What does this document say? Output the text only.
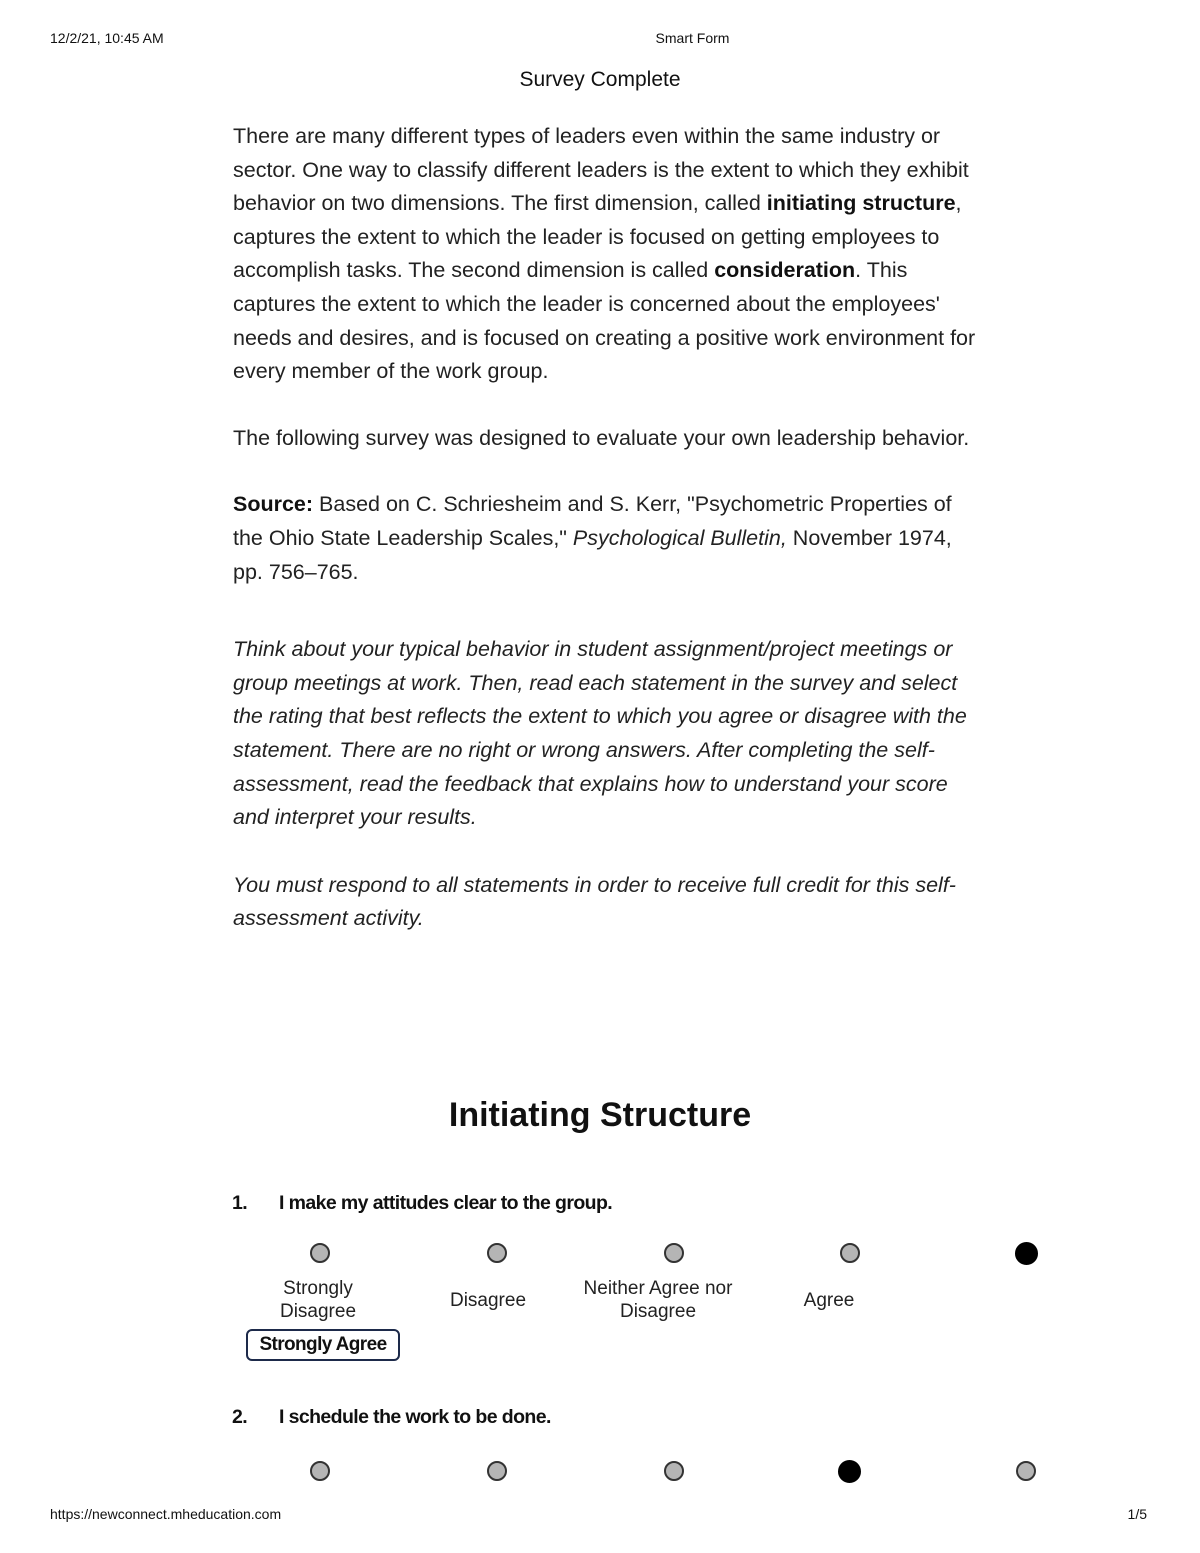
12/2/21, 10:45 AM	Smart Form
https://newconnect.mheducation.com	1/5
Survey Complete

There are many different types of leaders even within the same industry or sector. One way to classify different leaders is the extent to which they exhibit behavior on two dimensions. The first dimension, called initiating structure, captures the extent to which the leader is focused on getting employees to accomplish tasks. The second dimension is called consideration. This captures the extent to which the leader is concerned about the employees' needs and desires, and is focused on creating a positive work environment for every member of the work group.

The following survey was designed to evaluate your own leadership behavior.

Source: Based on C. Schriesheim and S. Kerr, "Psychometric Properties of the Ohio State Leadership Scales," Psychological Bulletin, November 1974, pp. 756–765.

Think about your typical behavior in student assignment/project meetings or group meetings at work. Then, read each statement in the survey and select the rating that best reflects the extent to which you agree or disagree with the statement. There are no right or wrong answers. After completing the self-assessment, read the feedback that explains how to understand your score and interpret your results.

You must respond to all statements in order to receive full credit for this self-assessment activity.

Initiating Structure
1. I make my attitudes clear to the group.
Strongly Disagree
Disagree
Neither Agree nor Disagree
Agree
Strongly Agree
2. I schedule the work to be done.
